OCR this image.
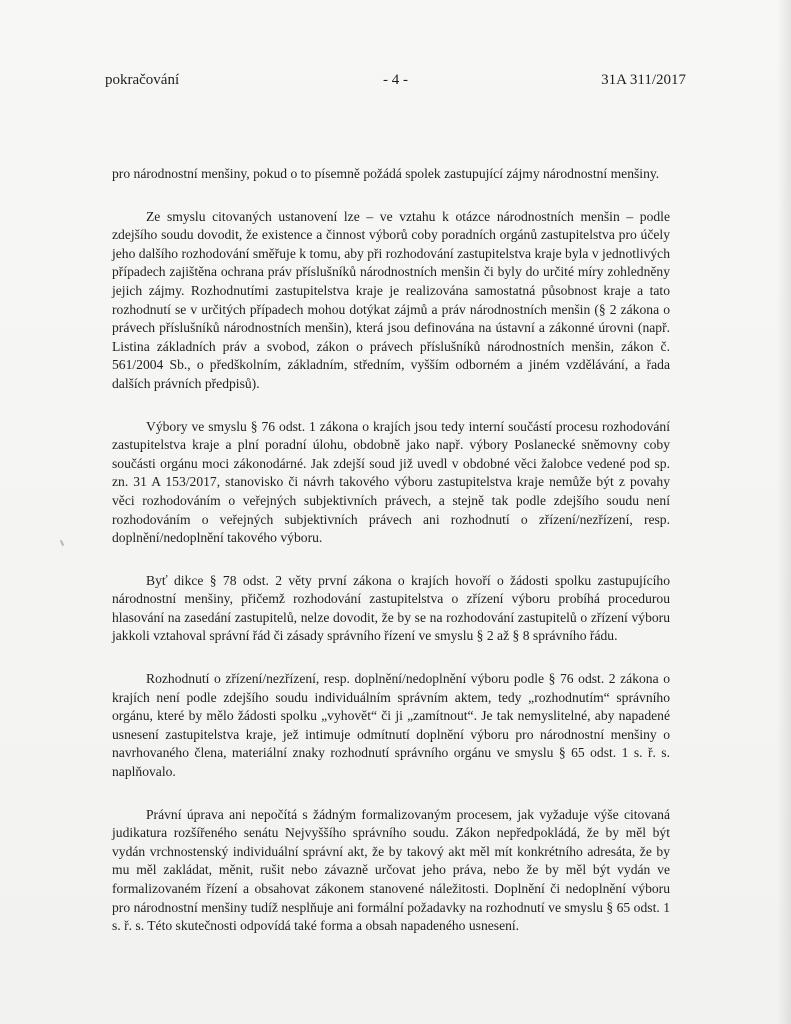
pokračování	- 4 -	31A 311/2017

pro národnostní menšiny, pokud o to písemně požádá spolek zastupující zájmy národnostní menšiny.

Ze smyslu citovaných ustanovení lze – ve vztahu k otázce národnostních menšin – podle zdejšího soudu dovodit, že existence a činnost výborů coby poradních orgánů zastupitelstva pro účely jeho dalšího rozhodování směřuje k tomu, aby při rozhodování zastupitelstva kraje byla v jednotlivých případech zajištěna ochrana práv příslušníků národnostních menšin či byly do určité míry zohledněny jejich zájmy. Rozhodnutími zastupitelstva kraje je realizována samostatná působnost kraje a tato rozhodnutí se v určitých případech mohou dotýkat zájmů a práv národnostních menšin (§ 2 zákona o právech příslušníků národnostních menšin), která jsou definována na ústavní a zákonné úrovni (např. Listina základních práv a svobod, zákon o právech příslušníků národnostních menšin, zákon č. 561/2004 Sb., o předškolním, základním, středním, vyšším odborném a jiném vzdělávání, a řada dalších právních předpisů).

Výbory ve smyslu § 76 odst. 1 zákona o krajích jsou tedy interní součástí procesu rozhodování zastupitelstva kraje a plní poradní úlohu, obdobně jako např. výbory Poslanecké sněmovny coby součásti orgánu moci zákonodárné. Jak zdejší soud již uvedl v obdobné věci žalobce vedené pod sp. zn. 31 A 153/2017, stanovisko či návrh takového výboru zastupitelstva kraje nemůže být z povahy věci rozhodováním o veřejných subjektivních právech, a stejně tak podle zdejšího soudu není rozhodováním o veřejných subjektivních právech ani rozhodnutí o zřízení/nezřízení, resp. doplnění/nedoplnění takového výboru.

Byť dikce § 78 odst. 2 věty první zákona o krajích hovoří o žádosti spolku zastupujícího národnostní menšiny, přičemž rozhodování zastupitelstva o zřízení výboru probíhá procedurou hlasování na zasedání zastupitelů, nelze dovodit, že by se na rozhodování zastupitelů o zřízení výboru jakkoli vztahoval správní řád či zásady správního řízení ve smyslu § 2 až § 8 správního řádu.

Rozhodnutí o zřízení/nezřízení, resp. doplnění/nedoplnění výboru podle § 76 odst. 2 zákona o krajích není podle zdejšího soudu individuálním správním aktem, tedy „rozhodnutím“ správního orgánu, které by mělo žádosti spolku „vyhovět“ či ji „zamítnout“. Je tak nemyslitelné, aby napadené usnesení zastupitelstva kraje, jež intimuje odmítnutí doplnění výboru pro národnostní menšiny o navrhovaného člena, materiální znaky rozhodnutí správního orgánu ve smyslu § 65 odst. 1 s. ř. s. naplňovalo.

Právní úprava ani nepočítá s žádným formalizovaným procesem, jak vyžaduje výše citovaná judikatura rozšířeného senátu Nejvyššího správního soudu. Zákon nepředpokládá, že by měl být vydán vrchnostenský individuální správní akt, že by takový akt měl mít konkrétního adresáta, že by mu měl zakládat, měnit, rušit nebo závazně určovat jeho práva, nebo že by měl být vydán ve formalizovaném řízení a obsahovat zákonem stanovené náležitosti. Doplnění či nedoplnění výboru pro národnostní menšiny tudíž nesplňuje ani formální požadavky na rozhodnutí ve smyslu § 65 odst. 1 s. ř. s. Této skutečnosti odpovídá také forma a obsah napadeného usnesení.
